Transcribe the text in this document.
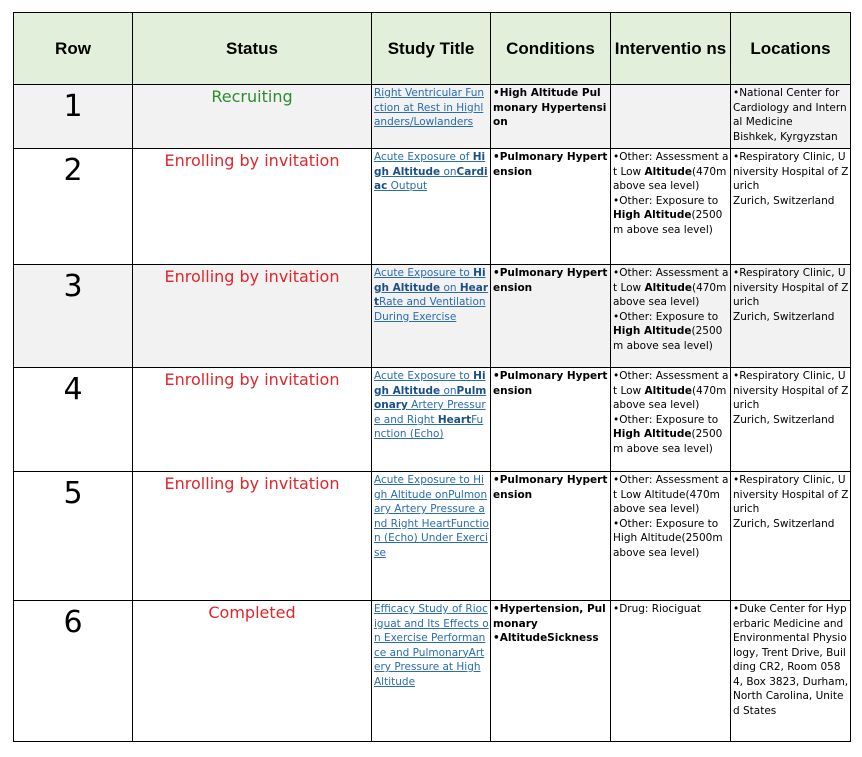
Row	Status	Study Title	Conditions	Interventio ns	Locations

1	Recruiting	Right Ventricular Function at Rest in Highlanders/Lowlanders	•High Altitude Pulmonary Hypertension		•National Center for Cardiology and Internal Medicine
Bishkek, Kyrgyzstan

2	Enrolling by invitation	Acute Exposure of High Altitude onCardiac Output	•Pulmonary Hypertension	•Other: Assessment at Low Altitude(470m above sea level)
•Other: Exposure to High Altitude(2500m above sea level)	•Respiratory Clinic, University Hospital of Zurich
Zurich, Switzerland

3	Enrolling by invitation	Acute Exposure to High Altitude on HeartRate and Ventilation During Exercise	•Pulmonary Hypertension	•Other: Assessment at Low Altitude(470m above sea level)
•Other: Exposure to High Altitude(2500m above sea level)	•Respiratory Clinic, University Hospital of Zurich
Zurich, Switzerland

4	Enrolling by invitation	Acute Exposure to High Altitude onPulmonary Artery Pressure and Right HeartFunction (Echo)	•Pulmonary Hypertension	•Other: Assessment at Low Altitude(470m above sea level)
•Other: Exposure to High Altitude(2500m above sea level)	•Respiratory Clinic, University Hospital of Zurich
Zurich, Switzerland

5	Enrolling by invitation	Acute Exposure to High Altitude onPulmonary Artery Pressure and Right HeartFunction (Echo) Under Exercise	•Pulmonary Hypertension	•Other: Assessment at Low Altitude(470m above sea level)
•Other: Exposure to High Altitude(2500m above sea level)	•Respiratory Clinic, University Hospital of Zurich
Zurich, Switzerland

6	Completed	Efficacy Study of Riociguat and Its Effects on Exercise Performance and PulmonaryArtery Pressure at High Altitude	•Hypertension, Pulmonary
•AltitudeSickness	•Drug: Riociguat	•Duke Center for Hyperbaric Medicine and Environmental Physiology, Trent Drive, Building CR2, Room 0584, Box 3823, Durham, North Carolina, United States
